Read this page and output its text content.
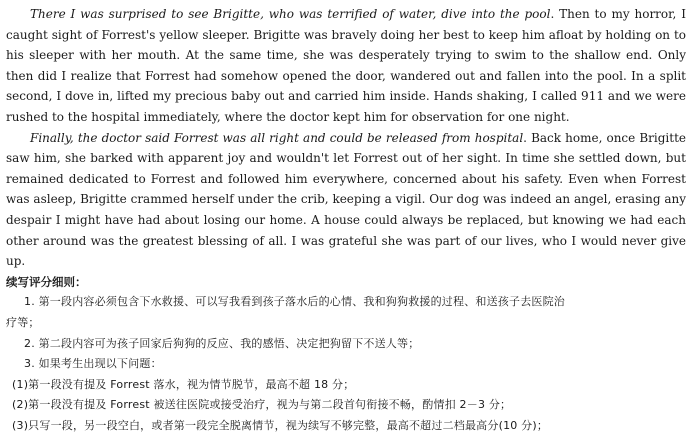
There I was surprised to see Brigitte, who was terrified of water, dive into the pool. Then to my horror, I caught sight of Forrest's yellow sleeper. Brigitte was bravely doing her best to keep him afloat by holding on to his sleeper with her mouth. At the same time, she was desperately trying to swim to the shallow end. Only then did I realize that Forrest had somehow opened the door, wandered out and fallen into the pool. In a split second, I dove in, lifted my precious baby out and carried him inside. Hands shaking, I called 911 and we were rushed to the hospital immediately, where the doctor kept him for observation for one night.

Finally, the doctor said Forrest was all right and could be released from hospital. Back home, once Brigitte saw him, she barked with apparent joy and wouldn't let Forrest out of her sight. In time she settled down, but remained dedicated to Forrest and followed him everywhere, concerned about his safety. Even when Forrest was asleep, Brigitte crammed herself under the crib, keeping a vigil. Our dog was indeed an angel, erasing any despair I might have had about losing our home. A house could always be replaced, but knowing we had each other around was the greatest blessing of all. I was grateful she was part of our lives, who I would never give up.

续写评分细则：

1. 第一段内容必须包含下水救援、可以写我看到孩子落水后的心情、我和狗狗救援的过程、和送孩子去医院治

疗等；

2. 第二段内容可为孩子回家后狗狗的反应、我的感悟、决定把狗留下不送人等；

3. 如果考生出现以下问题：

(1)第一段没有提及 Forrest 落水，视为情节脱节，最高不超 18 分；

(2)第一段没有提及 Forrest 被送往医院或接受治疗，视为与第二段首句衔接不畅，酌情扣 2－3 分；

(3)只写一段，另一段空白，或者第一段完全脱离情节，视为续写不够完整，最高不超过二档最高分(10 分)；
